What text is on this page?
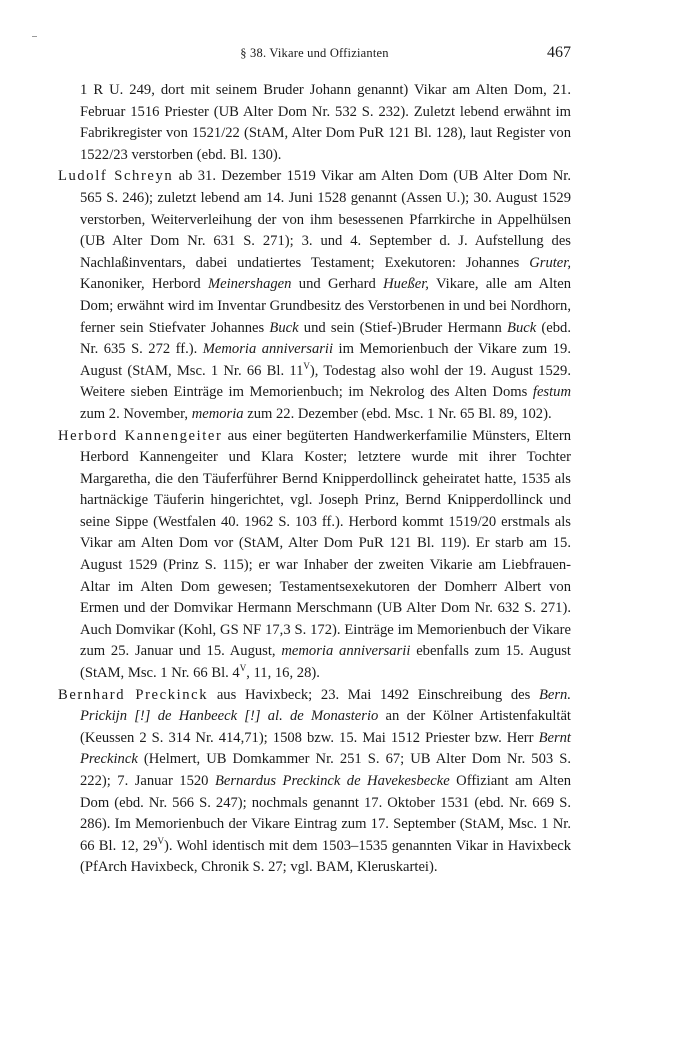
§ 38. Vikare und Offizianten	467

1 R U. 249, dort mit seinem Bruder Johann genannt) Vikar am Alten Dom, 21. Februar 1516 Priester (UB Alter Dom Nr. 532 S. 232). Zuletzt lebend erwähnt im Fabrikregister von 1521/22 (StAM, Alter Dom PuR 121 Bl. 128), laut Register von 1522/23 verstorben (ebd. Bl. 130).

Ludolf Schreyn ab 31. Dezember 1519 Vikar am Alten Dom (UB Alter Dom Nr. 565 S. 246); zuletzt lebend am 14. Juni 1528 genannt (Assen U.); 30. August 1529 verstorben, Weiterverleihung der von ihm besessenen Pfarrkirche in Appelhülsen (UB Alter Dom Nr. 631 S. 271); 3. und 4. September d. J. Aufstellung des Nachlaßinventars, dabei undatiertes Testament; Exekutoren: Johannes Gruter, Kanoniker, Herbord Meinershagen und Gerhard Hueßer, Vikare, alle am Alten Dom; erwähnt wird im Inventar Grundbesitz des Verstorbenen in und bei Nordhorn, ferner sein Stiefvater Johannes Buck und sein (Stief-)Bruder Hermann Buck (ebd. Nr. 635 S. 272 ff.). Memoria anniversarii im Memorienbuch der Vikare zum 19. August (StAM, Msc. 1 Nr. 66 Bl. $11^V$), Todestag also wohl der 19. August 1529. Weitere sieben Einträge im Memorienbuch; im Nekrolog des Alten Doms festum zum 2. November, memoria zum 22. Dezember (ebd. Msc. 1 Nr. 65 Bl. 89, 102).

Herbord Kannengeiter aus einer begüterten Handwerkerfamilie Münsters, Eltern Herbord Kannengeiter und Klara Koster; letztere wurde mit ihrer Tochter Margaretha, die den Täuferführer Bernd Knipperdollinck geheiratet hatte, 1535 als hartnäckige Täuferin hingerichtet, vgl. Joseph Prinz, Bernd Knipperdollinck und seine Sippe (Westfalen 40. 1962 S. 103 ff.). Herbord kommt 1519/20 erstmals als Vikar am Alten Dom vor (StAM, Alter Dom PuR 121 Bl. 119). Er starb am 15. August 1529 (Prinz S. 115); er war Inhaber der zweiten Vikarie am Liebfrauen-Altar im Alten Dom gewesen; Testamentsexekutoren der Domherr Albert von Ermen und der Domvikar Hermann Merschmann (UB Alter Dom Nr. 632 S. 271). Auch Domvikar (Kohl, GS NF 17,3 S. 172). Einträge im Memorienbuch der Vikare zum 25. Januar und 15. August, memoria anniversarii ebenfalls zum 15. August (StAM, Msc. 1 Nr. 66 Bl. $4^V$, 11, 16, 28).

Bernhard Preckinck aus Havixbeck; 23. Mai 1492 Einschreibung des Bern. Prickijn [!] de Hanbeeck [!] al. de Monasterio an der Kölner Artistenfakultät (Keussen 2 S. 314 Nr. 414,71); 1508 bzw. 15. Mai 1512 Priester bzw. Herr Bernt Preckinck (Helmert, UB Domkammer Nr. 251 S. 67; UB Alter Dom Nr. 503 S. 222); 7. Januar 1520 Bernardus Preckinck de Havekesbecke Offiziant am Alten Dom (ebd. Nr. 566 S. 247); nochmals genannt 17. Oktober 1531 (ebd. Nr. 669 S. 286). Im Memorienbuch der Vikare Eintrag zum 17. September (StAM, Msc. 1 Nr. 66 Bl. 12, $29^V$). Wohl identisch mit dem 1503–1535 genannten Vikar in Havixbeck (PfArch Havixbeck, Chronik S. 27; vgl. BAM, Kleruskartei).
